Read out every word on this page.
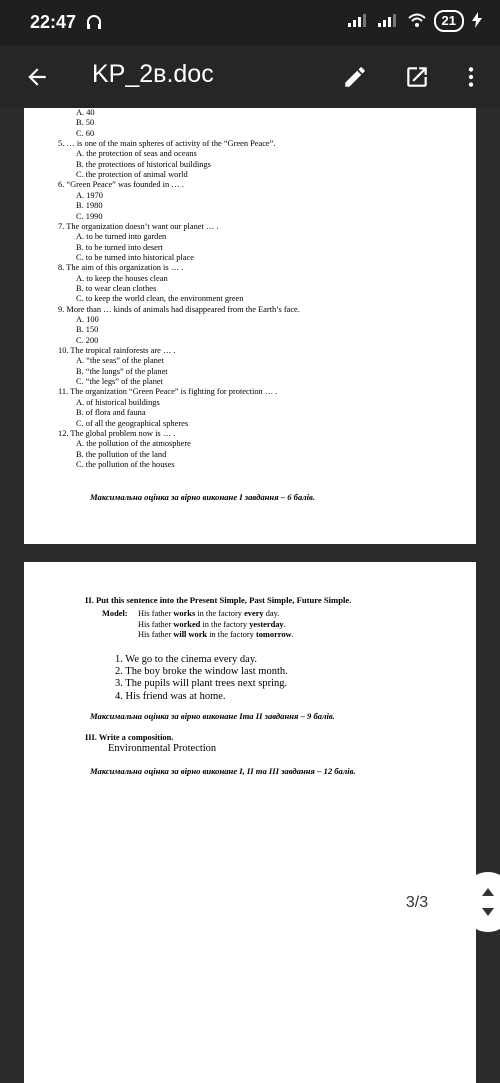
22:47	21
KP_2в.doc
A. 40
B. 50
C. 60
5. … is one of the main spheres of activity of the “Green Peace”.
A. the protection of seas and oceans
B. the protections of historical buildings
C. the protection of animal world
6. “Green Peace” was founded in … .
A. 1970
B. 1980
C. 1990
7. The organization doesn’t want our planet … .
A. to be turned into garden
B. to be turned into desert
C. to be turned into historical place
8. The aim of this organization is … .
A. to keep the houses clean
B. to wear clean clothes
C. to keep the world clean, the environment green
9. More than … kinds of animals had disappeared from the Earth’s face.
A. 100
B. 150
C. 200
10. The tropical rainforests are … .
A. “the seas” of the planet
B. “the lungs” of the planet
C. “the legs” of the planet
11. The organization “Green Peace” is fighting for protection … .
A. of historical buildings
B. of flora and fauna
C. of all the geographical spheres
12. The global problem now is … .
A. the pollution of the atmosphere
B. the pollution of the land
C. the pollution of the houses
Максимальна оцінка за вірно виконане І завдання – 6 балів.
II. Put this sentence into the Present Simple, Past Simple, Future Simple.
Model: His father works in the factory every day.
His father worked in the factory yesterday.
His father will work in the factory tomorrow.
1. We go to the cinema every day.
2. The boy broke the window last month.
3. The pupils will plant trees next spring.
4. His friend was at home.
Максимальна оцінка за вірно виконане Іта ІІ завдання – 9 балів.
III. Write a composition.
Environmental Protection
Максимальна оцінка за вірно виконане І, ІІ та ІІІ завдання – 12 балів.
3/3
